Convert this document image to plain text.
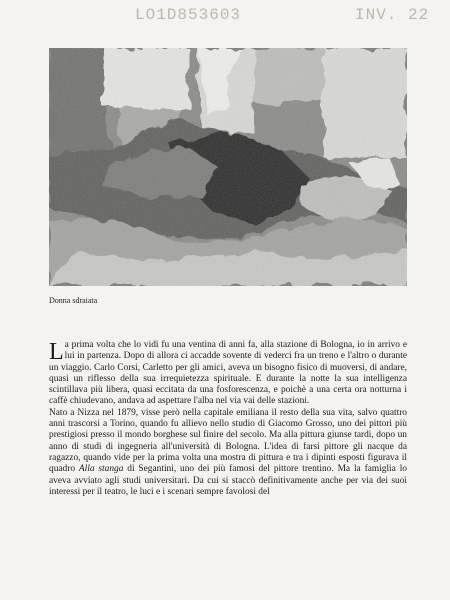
LO1D853603	INV. 22
Donna sdraiata

La prima volta che lo vidi fu una ventina di anni fa, alla stazione di Bologna, io in arrivo e lui in partenza. Dopo di allora ci accadde sovente di vederci fra un treno e l'altro o durante un viaggio. Carlo Corsi, Carletto per gli amici, aveva un bisogno fisico di muoversi, di andare, quasi un riflesso della sua irrequietezza spirituale. E durante la notte la sua intelligenza scintillava più libera, quasi eccitata da una fosforescenza, e poichè a una certa ora notturna i caffè chiudevano, andava ad aspettare l'alba nel via vai delle stazioni.

Nato a Nizza nel 1879, visse però nella capitale emiliana il resto della sua vita, salvo quattro anni trascorsi a Torino, quando fu allievo nello studio di Giacomo Grosso, uno dei pittori più prestigiosi presso il mondo borghese sul finire del secolo. Ma alla pittura giunse tardi, dopo un anno di studi di ingegneria all'università di Bologna. L'idea di farsi pittore gli nacque da ragazzo, quando vide per la prima volta una mostra di pittura e tra i dipinti esposti figurava il quadro Alla stanga di Segantini, uno dei più famosi del pittore trentino. Ma la famiglia lo aveva avviato agli studi universitari. Da cui si staccò definitivamente anche per via dei suoi interessi per il teatro, le luci e i scenari sempre favolosi del
